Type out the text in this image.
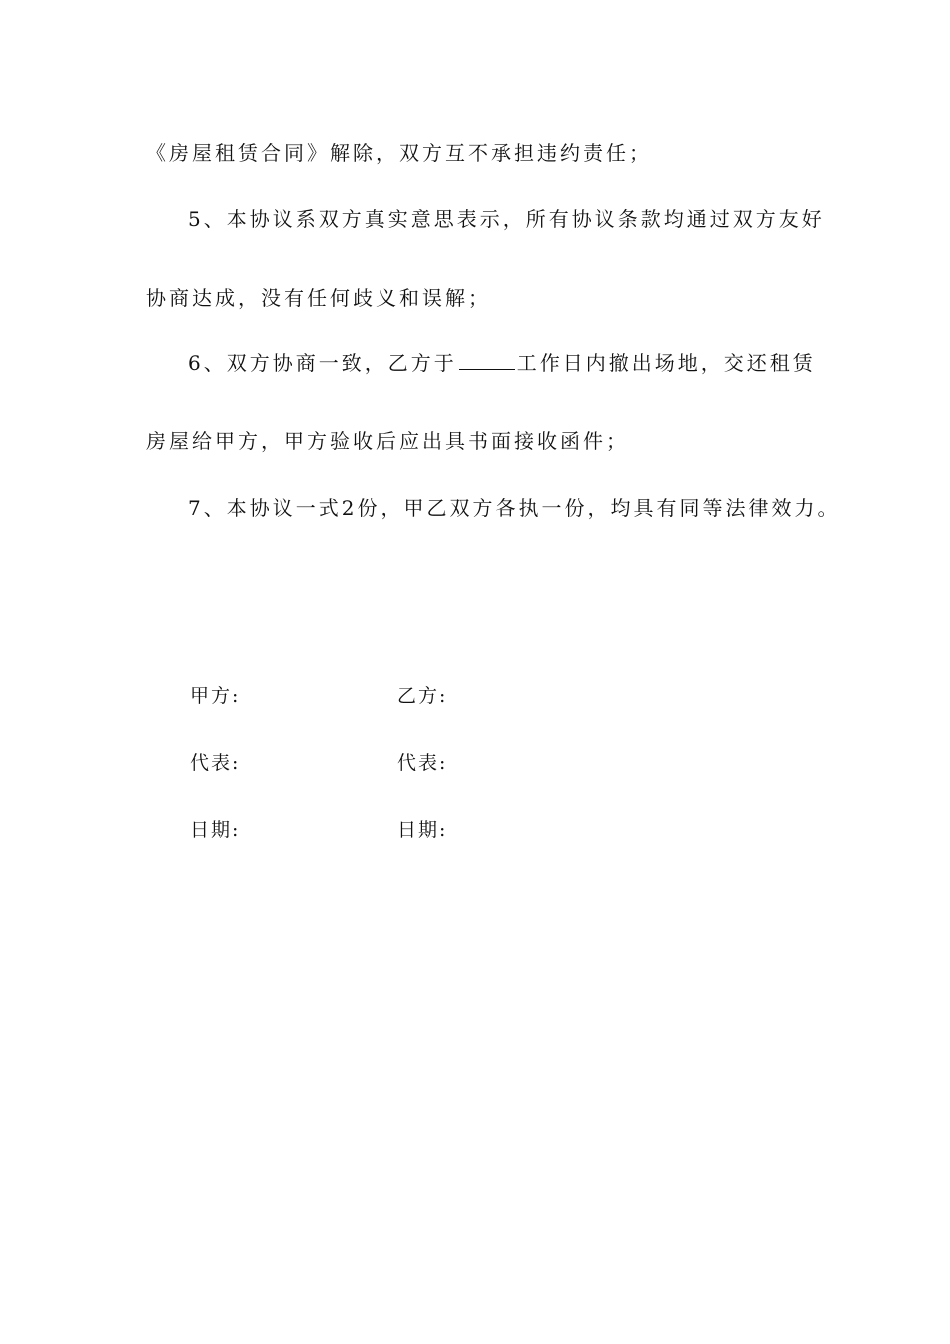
《房屋租赁合同》解除，双方互不承担违约责任；
5、本协议系双方真实意思表示，所有协议条款均通过双方友好
协商达成，没有任何歧义和误解；
6、双方协商一致，乙方于	工作日内撤出场地，交还租赁
房屋给甲方，甲方验收后应出具书面接收函件；
7、本协议一式2份，甲乙双方各执一份，均具有同等法律效力。
甲方:
代表:
日期:
乙方:
代表:
日期:
